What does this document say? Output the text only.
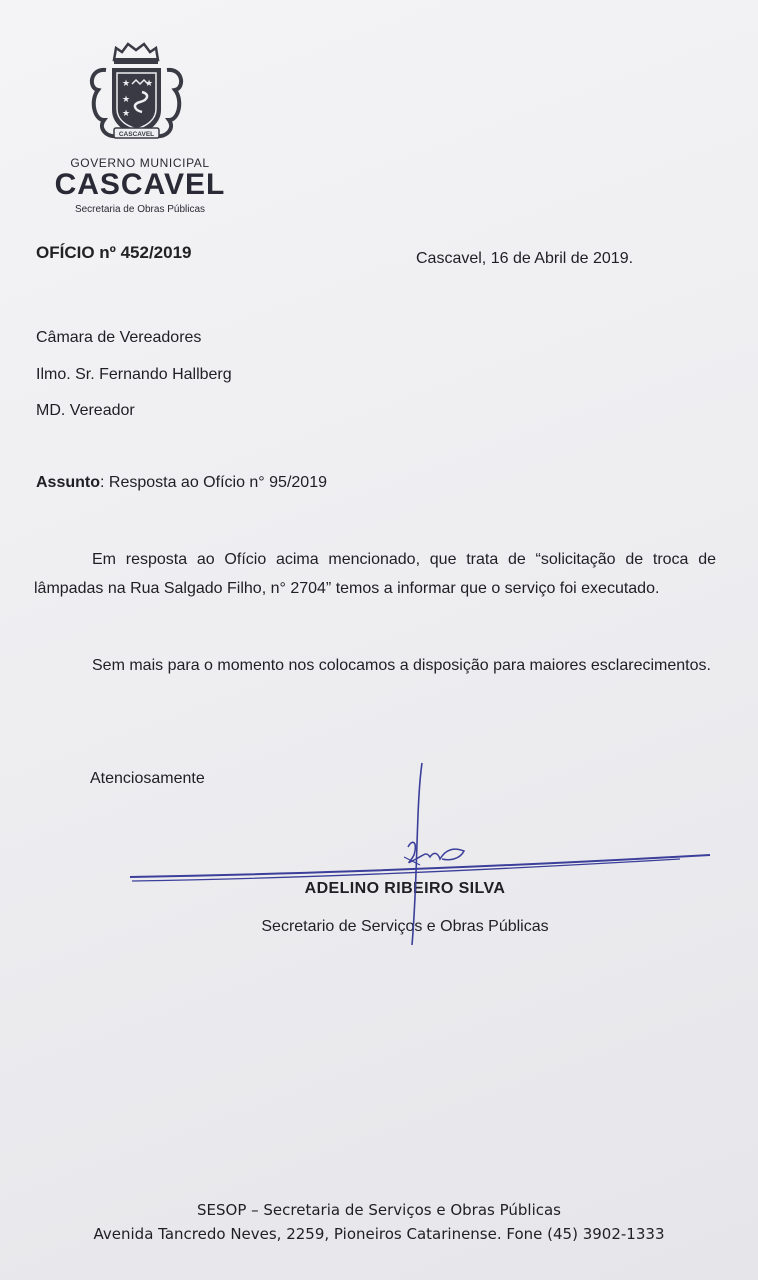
★ ★
★
★
CASCAVEL
GOVERNO MUNICIPAL
CASCAVEL
Secretaria de Obras Públicas
OFÍCIO nº 452/2019	Cascavel, 16 de Abril de 2019.
Câmara de Vereadores
Ilmo. Sr. Fernando Hallberg
MD. Vereador
Assunto: Resposta ao Ofício n° 95/2019
Em resposta ao Ofício acima mencionado, que trata de “solicitação de troca de lâmpadas na Rua Salgado Filho, n° 2704” temos a informar que o serviço foi executado.
Sem mais para o momento nos colocamos a disposição para maiores esclarecimentos.
Atenciosamente
ADELINO RIBEIRO SILVA
Secretario de Serviços e Obras Públicas
SESOP – Secretaria de Serviços e Obras Públicas
Avenida Tancredo Neves, 2259, Pioneiros Catarinense. Fone (45) 3902-1333
